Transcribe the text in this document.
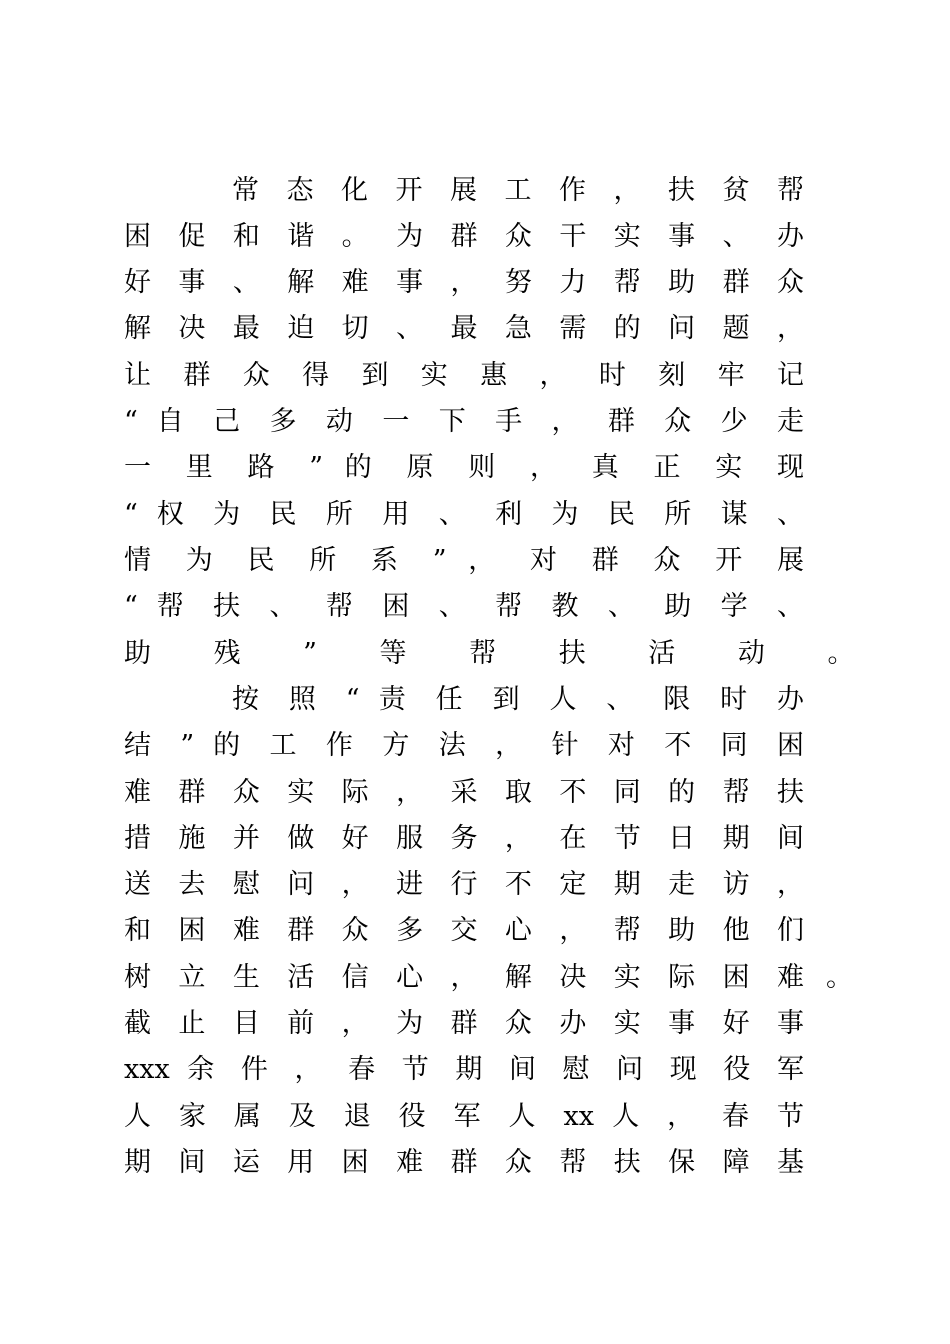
常 态 化 开 展 工 作 ， 扶 贫 帮
困 促 和 谐 。 为 群 众 干 实 事 、 办
好 事 、 解 难 事 ， 努 力 帮 助 群 众
解 决 最 迫 切 、 最 急 需 的 问 题 ，
让 群 众 得 到 实 惠 ， 时 刻 牢 记
“ 自 己 多 动 一 下 手 ， 群 众 少 走
一 里 路 ” 的 原 则 ， 真 正 实 现
“ 权 为 民 所 用 、 利 为 民 所 谋 、
情 为 民 所 系 ” ， 对 群 众 开 展
“ 帮 扶 、 帮 困 、 帮 教 、 助 学 、
助 残 ” 等 帮 扶 活 动 。
按 照 “ 责 任 到 人 、 限 时 办
结 ” 的 工 作 方 法 ， 针 对 不 同 困
难 群 众 实 际 ， 采 取 不 同 的 帮 扶
措 施 并 做 好 服 务 ， 在 节 日 期 间
送 去 慰 问 ， 进 行 不 定 期 走 访 ，
和 困 难 群 众 多 交 心 ， 帮 助 他 们
树 立 生 活 信 心 ， 解 决 实 际 困 难 。
截 止 目 前 ， 为 群 众 办 实 事 好 事
xxx 余 件 ， 春 节 期 间 慰 问 现 役 军
人 家 属 及 退 役 军 人 xx 人 ， 春 节
期 间 运 用 困 难 群 众 帮 扶 保 障 基
